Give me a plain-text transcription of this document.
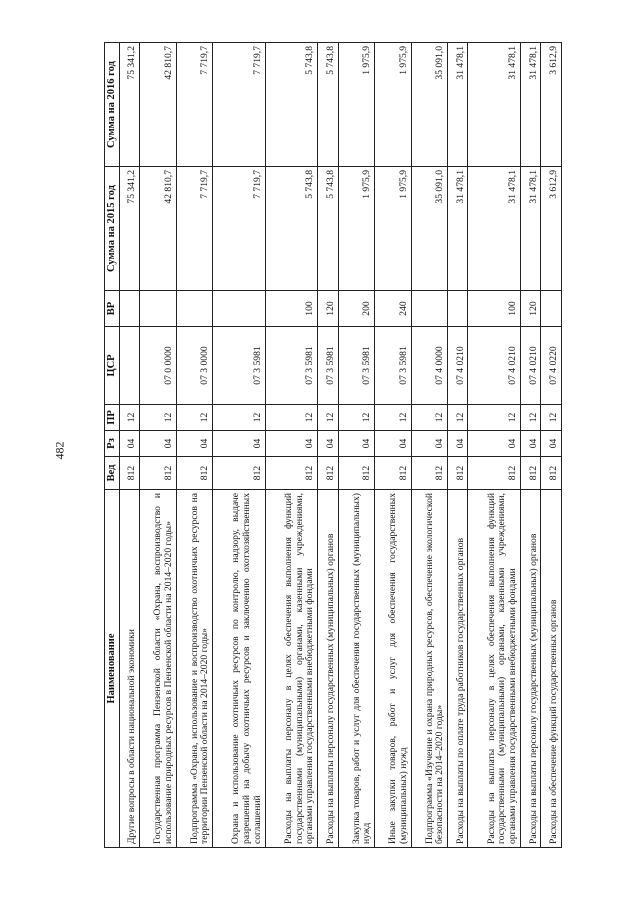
482
Наименование	Вед	Рз	ПР	ЦСР	ВР	Сумма на 2015 год	Сумма на 2016 год
Другие вопросы в области национальной экономики	812	04	12			75 341,2	75 341,2
Государственная программа Пензенской области «Охрана, воспроизводство и использование природных ресурсов в Пензенской области на 2014–2020 годы»	812	04	12	07 0 0000		42 810,7	42 810,7
Подпрограмма «Охрана, использование и воспроизводство охотничьих ресурсов на территории Пензенской области на 2014–2020 годы»	812	04	12	07 3 0000		7 719,7	7 719,7
Охрана и использование охотничьих ресурсов по контролю, надзору, выдаче разрешений на добычу охотничьих ресурсов и заключению охотхозяйственных соглашений	812	04	12	07 3 5981		7 719,7	7 719,7
Расходы на выплаты персоналу в целях обеспечения выполнения функций государственными (муниципальными) органами, казенными учреждениями, органами управления государственными внебюджетными фондами	812	04	12	07 3 5981	100	5 743,8	5 743,8
Расходы на выплаты персоналу государственных (муниципальных) органов	812	04	12	07 3 5981	120	5 743,8	5 743,8
Закупка товаров, работ и услуг для обеспечения государственных (муниципальных) нужд	812	04	12	07 3 5981	200	1 975,9	1 975,9
Иные закупки товаров, работ и услуг для обеспечения государственных (муниципальных) нужд	812	04	12	07 3 5981	240	1 975,9	1 975,9
Подпрограмма «Изучение и охрана природных ресурсов, обеспечение экологической безопасности на 2014–2020 годы»	812	04	12	07 4 0000		35 091,0	35 091,0
Расходы на выплаты по оплате труда работников государственных органов	812	04	12	07 4 0210		31 478,1	31 478,1
Расходы на выплаты персоналу в целях обеспечения выполнения функций государственными (муниципальными) органами, казенными учреждениями, органами управления государственными внебюджетными фондами	812	04	12	07 4 0210	100	31 478,1	31 478,1
Расходы на выплаты персоналу государственных (муниципальных) органов	812	04	12	07 4 0210	120	31 478,1	31 478,1
Расходы на обеспечение функций государственных органов	812	04	12	07 4 0220		3 612,9	3 612,9
